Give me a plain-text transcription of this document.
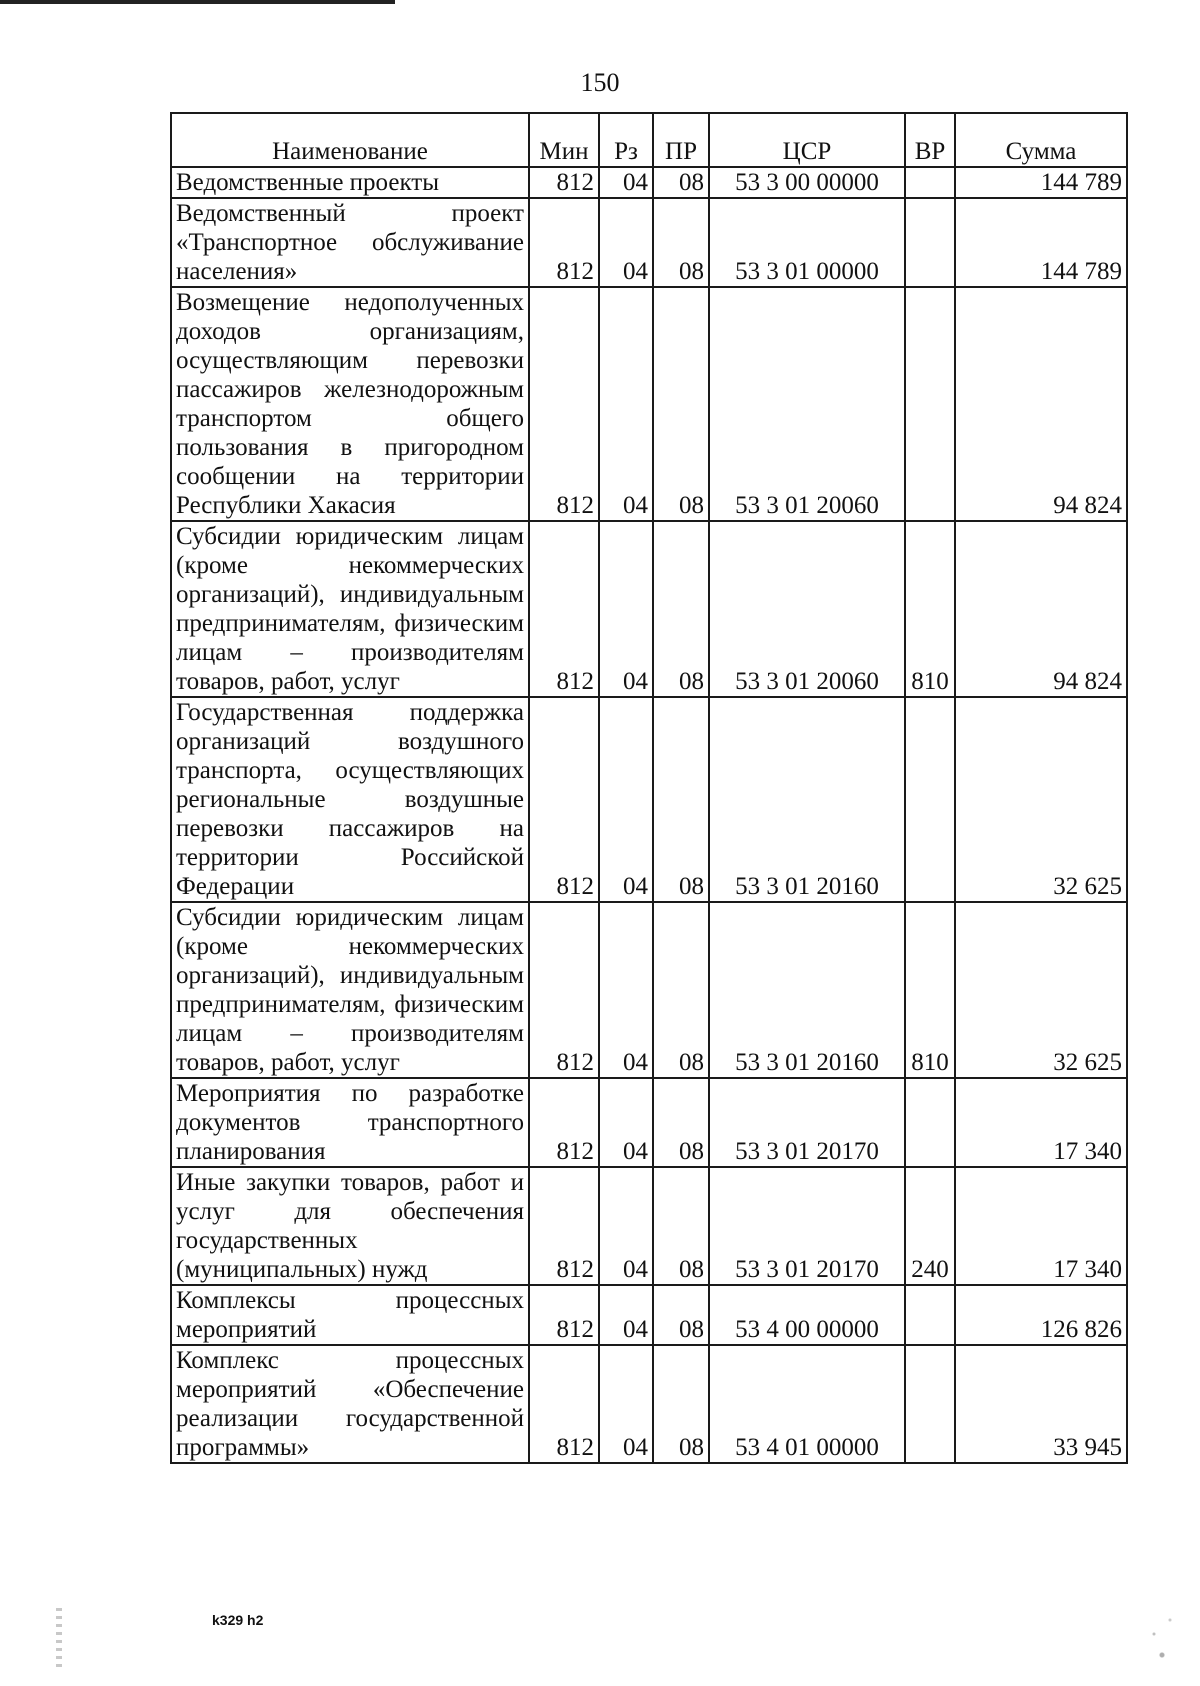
150
Наименование	Мин	Рз	ПР	ЦСР	ВР	Сумма
Ведомственные проекты	812	04	08	53 3 00 00000		144 789
Ведомственный проект «Транспортное обслуживание населения»	812	04	08	53 3 01 00000		144 789
Возмещение недополученных доходов организациям, осуществляющим перевозки пассажиров железнодорожным транспортом общего пользования в пригородном сообщении на территории Республики Хакасия	812	04	08	53 3 01 20060		94 824
Субсидии юридическим лицам (кроме некоммерческих организаций), индивидуальным предпринимателям, физическим лицам – производителям товаров, работ, услуг	812	04	08	53 3 01 20060	810	94 824
Государственная поддержка организаций воздушного транспорта, осуществляющих региональные воздушные перевозки пассажиров на территории Российской Федерации	812	04	08	53 3 01 20160		32 625
Субсидии юридическим лицам (кроме некоммерческих организаций), индивидуальным предпринимателям, физическим лицам – производителям товаров, работ, услуг	812	04	08	53 3 01 20160	810	32 625
Мероприятия по разработке документов транспортного планирования	812	04	08	53 3 01 20170		17 340
Иные закупки товаров, работ и услуг для обеспечения государственных (муниципальных) нужд	812	04	08	53 3 01 20170	240	17 340
Комплексы процессных мероприятий	812	04	08	53 4 00 00000		126 826
Комплекс процессных мероприятий «Обеспечение реализации государственной программы»	812	04	08	53 4 01 00000		33 945
k329 h2
